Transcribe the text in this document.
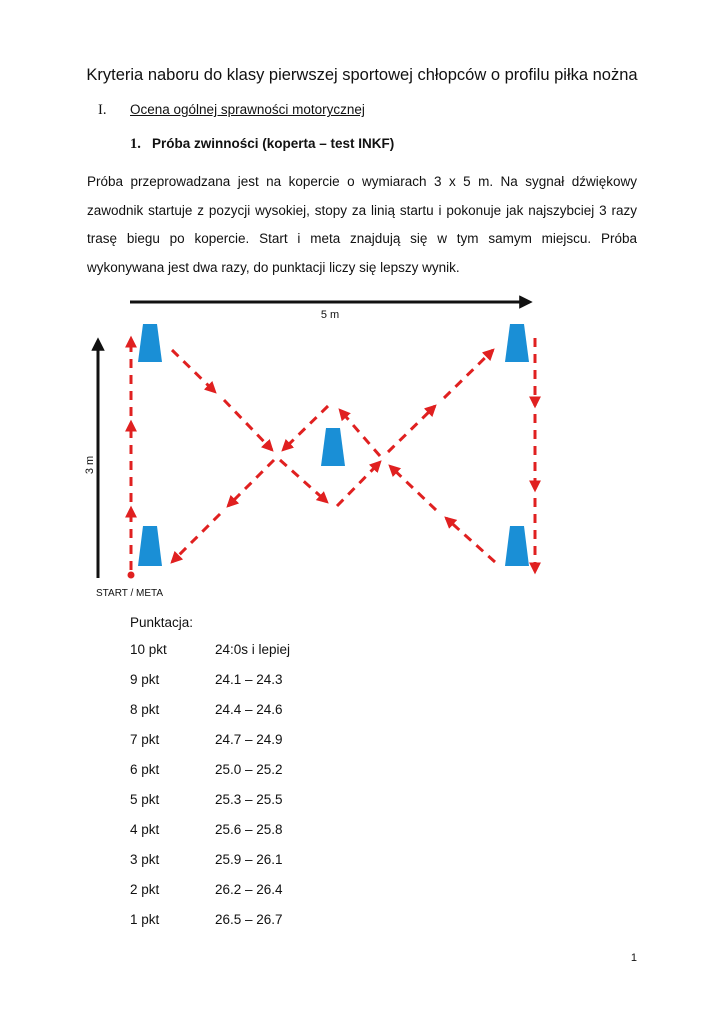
Kryteria naboru do klasy pierwszej sportowej chłopców o profilu piłka nożna
I. Ocena ogólnej sprawności motorycznej
1. Próba zwinności (koperta – test INKF)

Próba przeprowadzana jest na kopercie o wymiarach 3 x 5 m. Na sygnał dźwiękowy zawodnik startuje z pozycji wysokiej, stopy za linią startu i pokonuje jak najszybciej 3 razy trasę biegu po kopercie. Start i meta znajdują się w tym samym miejscu. Próba wykonywana jest dwa razy, do punktacji liczy się lepszy wynik.

5 m
3 m
START / META

Punktacja:

10 pkt	24:0s i lepiej
9 pkt	24.1 – 24.3
8 pkt	24.4 – 24.6
7 pkt	24.7 – 24.9
6 pkt	25.0 – 25.2
5 pkt	25.3 – 25.5
4 pkt	25.6 – 25.8
3 pkt	25.9 – 26.1
2 pkt	26.2 – 26.4
1 pkt	26.5 – 26.7
1
